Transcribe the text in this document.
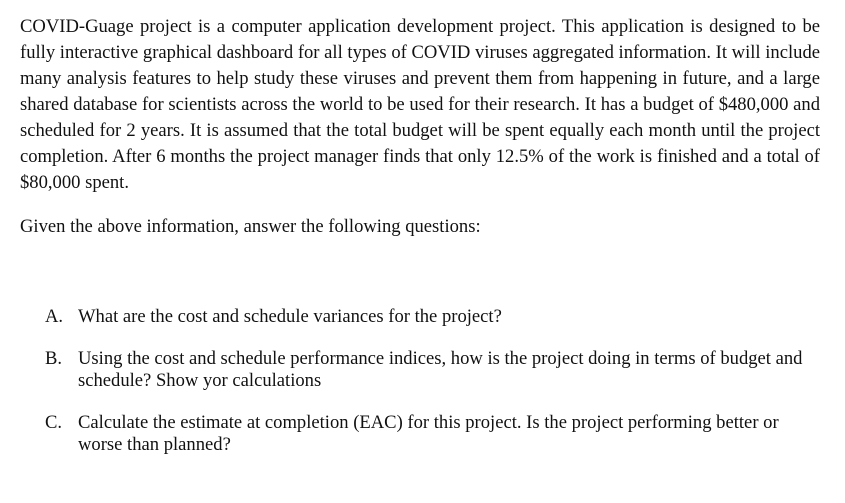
COVID-Guage project is a computer application development project. This application is designed to be fully interactive graphical dashboard for all types of COVID viruses aggregated information. It will include many analysis features to help study these viruses and prevent them from happening in future, and a large shared database for scientists across the world to be used for their research. It has a budget of $480,000 and scheduled for 2 years. It is assumed that the total budget will be spent equally each month until the project completion. After 6 months the project manager finds that only 12.5% of the work is finished and a total of $80,000 spent.

Given the above information, answer the following questions:
A. What are the cost and schedule variances for the project?
B. Using the cost and schedule performance indices, how is the project doing in terms of budget and schedule? Show yor calculations
C. Calculate the estimate at completion (EAC) for this project. Is the project performing better or worse than planned?
